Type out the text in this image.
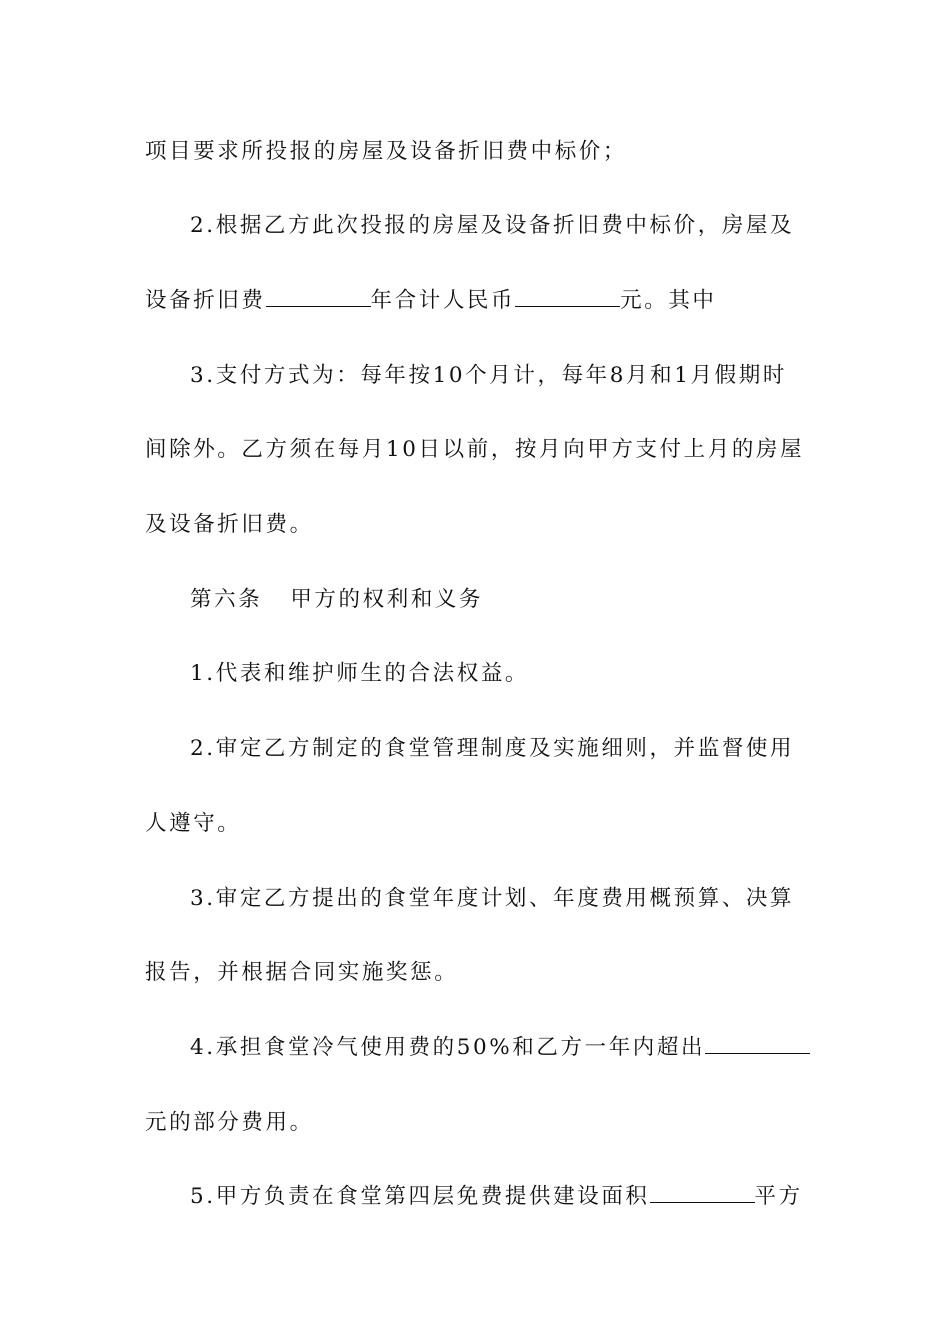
项目要求所投报的房屋及设备折旧费中标价；
2.根据乙方此次投报的房屋及设备折旧费中标价，房屋及
设备折旧费	年合计人民币	元。其中
3.支付方式为：每年按10个月计，每年8月和1月假期时
间除外。乙方须在每月10日以前，按月向甲方支付上月的房屋
及设备折旧费。
第六条 甲方的权利和义务
1.代表和维护师生的合法权益。
2.审定乙方制定的食堂管理制度及实施细则，并监督使用
人遵守。
3.审定乙方提出的食堂年度计划、年度费用概预算、决算
报告，并根据合同实施奖惩。
4.承担食堂冷气使用费的50%和乙方一年内超出
元的部分费用。
5.甲方负责在食堂第四层免费提供建设面积	平方
